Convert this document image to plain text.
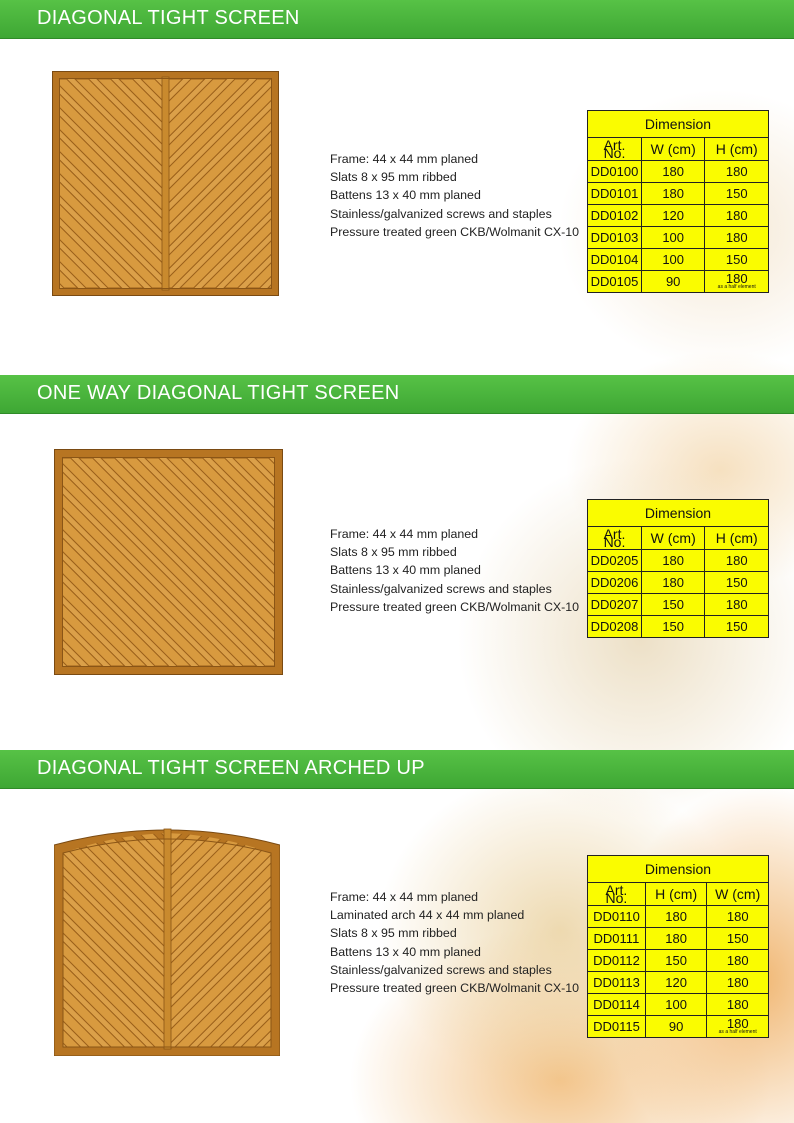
DIAGONAL TIGHT SCREEN
Frame: 44 x 44 mm planed
Slats 8 x 95 mm ribbed
Battens 13 x 40 mm planed
Stainless/galvanized screws and staples
Pressure treated green CKB/Wolmanit CX-10
Dimension		
Art.
No.	W (cm)	H (cm)
DD0100	180	180
DD0101	180	150
DD0102	120	180
DD0103	100	180
DD0104	100	150
DD0105	90	180
as a half element
ONE WAY DIAGONAL TIGHT SCREEN
Frame: 44 x 44 mm planed
Slats 8 x 95 mm ribbed
Battens 13 x 40 mm planed
Stainless/galvanized screws and staples
Pressure treated green CKB/Wolmanit CX-10
Dimension		
Art.
No.	W (cm)	H (cm)
DD0205	180	180
DD0206	180	150
DD0207	150	180
DD0208	150	150
DIAGONAL TIGHT SCREEN ARCHED UP
Frame: 44 x 44 mm planed
Laminated arch 44 x 44 mm planed
Slats 8 x 95 mm ribbed
Battens 13 x 40 mm planed
Stainless/galvanized screws and staples
Pressure treated green CKB/Wolmanit CX-10
Dimension		
Art.
No.	H (cm)	W (cm)
DD0110	180	180
DD0111	180	150
DD0112	150	180
DD0113	120	180
DD0114	100	180
DD0115	90	180
as a half element
